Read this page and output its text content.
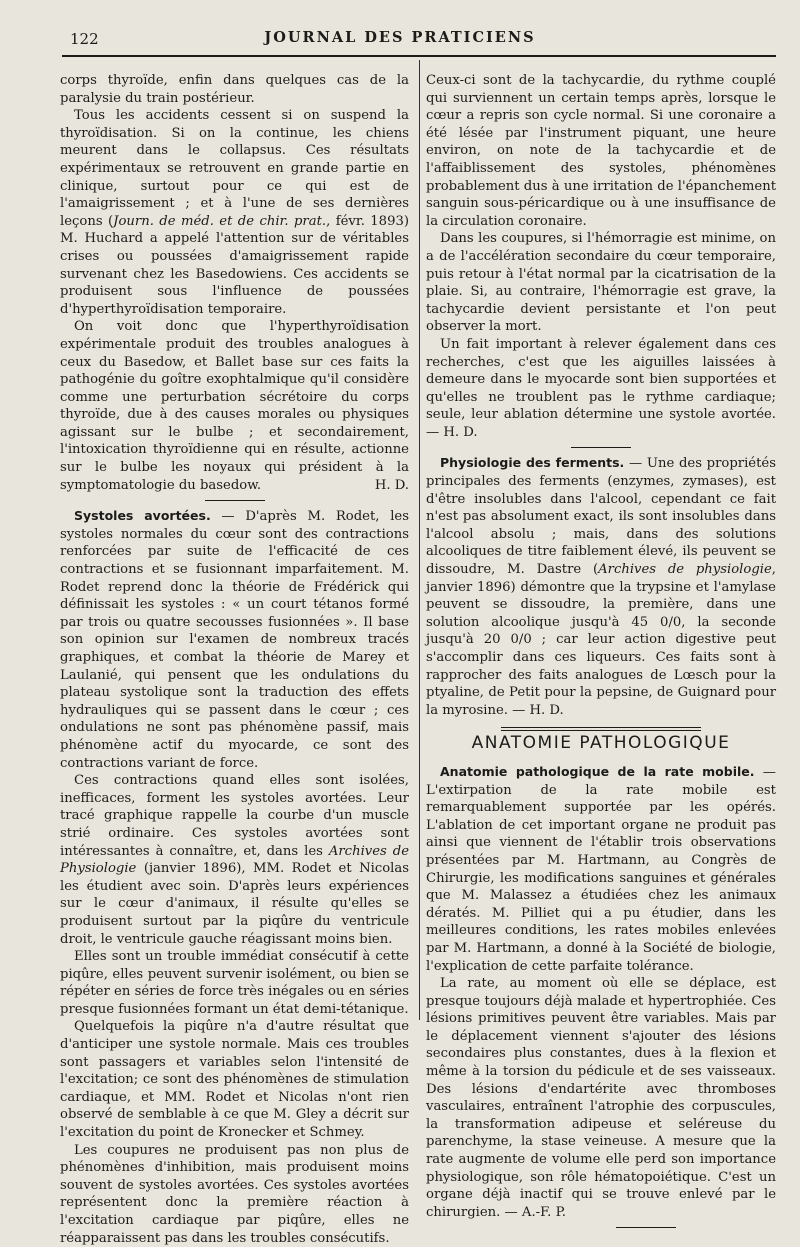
122	JOURNAL DES PRATICIENS

corps thyroïde, enfin dans quelques cas de la paralysie du train postérieur.

Tous les accidents cessent si on suspend la thyroïdisation. Si on la continue, les chiens meurent dans le collapsus. Ces résultats expérimentaux se retrouvent en grande partie en clinique, surtout pour ce qui est de l'amaigrissement ; et à l'une de ses dernières leçons (Journ. de méd. et de chir. prat., févr. 1893) M. Huchard a appelé l'attention sur de véritables crises ou poussées d'amaigrissement rapide survenant chez les Basedowiens. Ces accidents se produisent sous l'influence de poussées d'hyperthyroïdisation temporaire.

On voit donc que l'hyperthyroïdisation expérimentale produit des troubles analogues à ceux du Basedow, et Ballet base sur ces faits la pathogénie du goître exophtalmique qu'il considère comme une perturbation sécrétoire du corps thyroïde, due à des causes morales ou physiques agissant sur le bulbe ; et secondairement, l'intoxication thyroïdienne qui en résulte, actionne sur le bulbe les noyaux qui président à la symptomatologie du basedow.	H. D.

Systoles avortées. — D'après M. Rodet, les systoles normales du cœur sont des contractions renforcées par suite de l'efficacité de ces contractions et se fusionnant imparfaitement. M. Rodet reprend donc la théorie de Frédérick qui définissait les systoles : « un court tétanos formé par trois ou quatre secousses fusionnées ». Il base son opinion sur l'examen de nombreux tracés graphiques, et combat la théorie de Marey et Laulanié, qui pensent que les ondulations du plateau systolique sont la traduction des effets hydrauliques qui se passent dans le cœur ; ces ondulations ne sont pas phénomène passif, mais phénomène actif du myocarde, ce sont des contractions variant de force.

Ces contractions quand elles sont isolées, inefficaces, forment les systoles avortées. Leur tracé graphique rappelle la courbe d'un muscle strié ordinaire. Ces systoles avortées sont intéressantes à connaître, et, dans les Archives de Physiologie (janvier 1896), MM. Rodet et Nicolas les étudient avec soin. D'après leurs expériences sur le cœur d'animaux, il résulte qu'elles se produisent surtout par la piqûre du ventricule droit, le ventricule gauche réagissant moins bien.

Elles sont un trouble immédiat consécutif à cette piqûre, elles peuvent survenir isolément, ou bien se répéter en séries de force très inégales ou en séries presque fusionnées formant un état demi-tétanique.

Quelquefois la piqûre n'a d'autre résultat que d'anticiper une systole normale. Mais ces troubles sont passagers et variables selon l'intensité de l'excitation; ce sont des phénomènes de stimulation cardiaque, et MM. Rodet et Nicolas n'ont rien observé de semblable à ce que M. Gley a décrit sur l'excitation du point de Kronecker et Schmey.

Les coupures ne produisent pas non plus de phénomènes d'inhibition, mais produisent moins souvent de systoles avortées. Ces systoles avortées représentent donc la première réaction à l'excitation cardiaque par piqûre, elles ne réapparaissent pas dans les troubles consécutifs.

Ceux-ci sont de la tachycardie, du rythme couplé qui surviennent un certain temps après, lorsque le cœur a repris son cycle normal. Si une coronaire a été lésée par l'instrument piquant, une heure environ, on note de la tachycardie et de l'affaiblissement des systoles, phénomènes probablement dus à une irritation de l'épanchement sanguin sous-péricardique ou à une insuffisance de la circulation coronaire.

Dans les coupures, si l'hémorragie est minime, on a de l'accélération secondaire du cœur temporaire, puis retour à l'état normal par la cicatrisation de la plaie. Si, au contraire, l'hémorragie est grave, la tachycardie devient persistante et l'on peut observer la mort.

Un fait important à relever également dans ces recherches, c'est que les aiguilles laissées à demeure dans le myocarde sont bien supportées et qu'elles ne troublent pas le rythme cardiaque; seule, leur ablation détermine une systole avortée. — H. D.

Physiologie des ferments. — Une des propriétés principales des ferments (enzymes, zymases), est d'être insolubles dans l'alcool, cependant ce fait n'est pas absolument exact, ils sont insolubles dans l'alcool absolu ; mais, dans des solutions alcooliques de titre faiblement élevé, ils peuvent se dissoudre, M. Dastre (Archives de physiologie, janvier 1896) démontre que la trypsine et l'amylase peuvent se dissoudre, la première, dans une solution alcoolique jusqu'à 45 0/0, la seconde jusqu'à 20 0/0 ; car leur action digestive peut s'accomplir dans ces liqueurs. Ces faits sont à rapprocher des faits analogues de Lœsch pour la ptyaline, de Petit pour la pepsine, de Guignard pour la myrosine. — H. D.

ANATOMIE PATHOLOGIQUE

Anatomie pathologique de la rate mobile. — L'extirpation de la rate mobile est remarquablement supportée par les opérés. L'ablation de cet important organe ne produit pas ainsi que viennent de l'établir trois observations présentées par M. Hartmann, au Congrès de Chirurgie, les modifications sanguines et générales que M. Malassez a étudiées chez les animaux dératés. M. Pilliet qui a pu étudier, dans les meilleures conditions, les rates mobiles enlevées par M. Hartmann, a donné à la Société de biologie, l'explication de cette parfaite tolérance.

La rate, au moment où elle se déplace, est presque toujours déjà malade et hypertrophiée. Ces lésions primitives peuvent être variables. Mais par le déplacement viennent s'ajouter des lésions secondaires plus constantes, dues à la flexion et même à la torsion du pédicule et de ses vaisseaux. Des lésions d'endartérite avec thromboses vasculaires, entraînent l'atrophie des corpuscules, la transformation adipeuse et seléreuse du parenchyme, la stase veineuse. A mesure que la rate augmente de volume elle perd son importance physiologique, son rôle hématopoiétique. C'est un organe déjà inactif qui se trouve enlevé par le chirurgien. — A.-F. P.
